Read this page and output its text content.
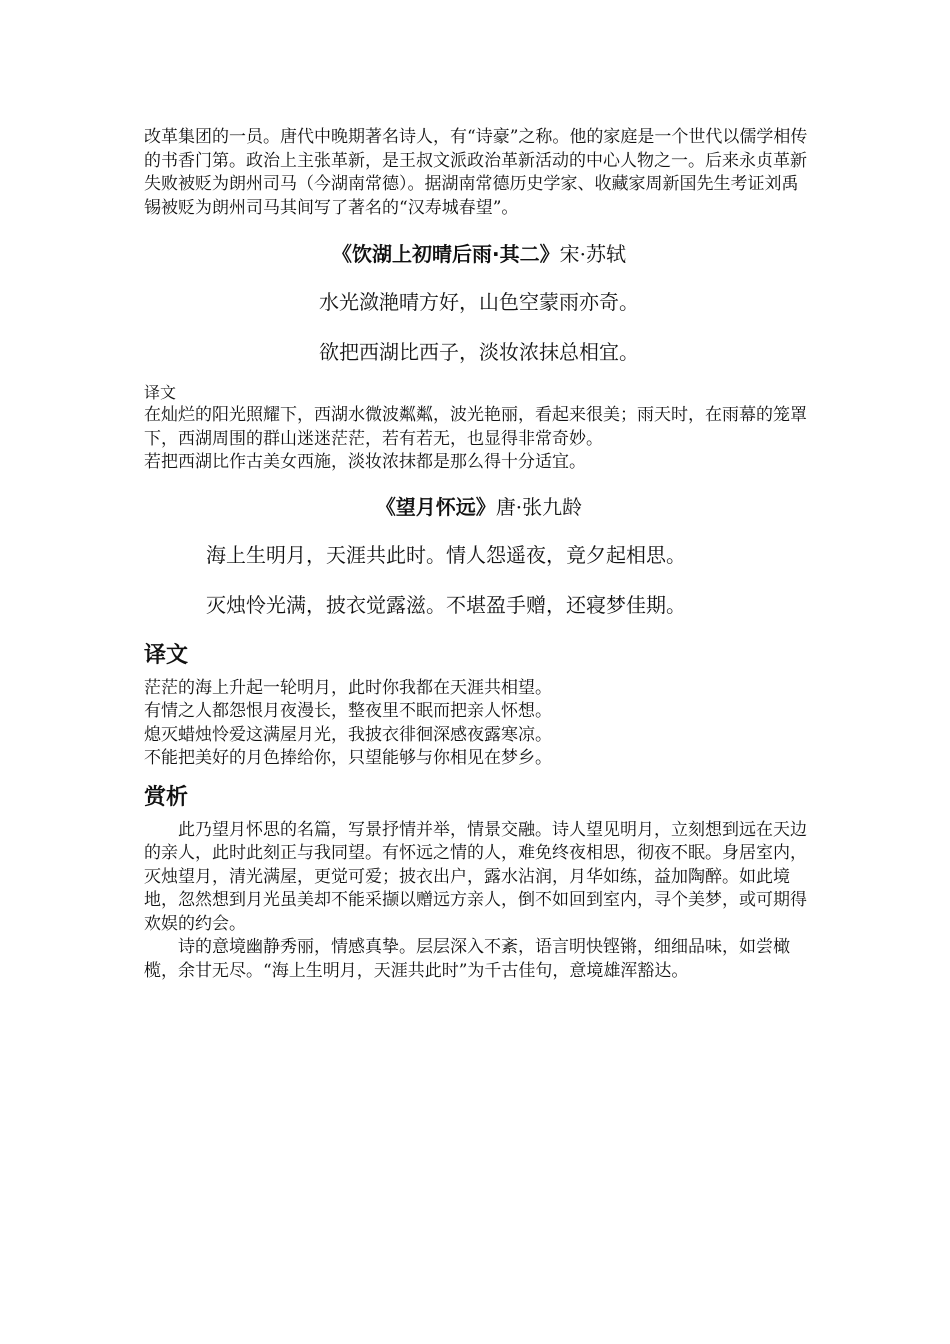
改革集团的一员。唐代中晚期著名诗人，有“诗豪”之称。他的家庭是一个世代以儒学相传的书香门第。政治上主张革新，是王叔文派政治革新活动的中心人物之一。后来永贞革新失败被贬为朗州司马（今湖南常德）。据湖南常德历史学家、收藏家周新国先生考证刘禹锡被贬为朗州司马其间写了著名的“汉寿城春望”。

《饮湖上初晴后雨·其二》宋·苏轼

水光潋滟晴方好，山色空蒙雨亦奇。

欲把西湖比西子，淡妆浓抹总相宜。

译文

在灿烂的阳光照耀下，西湖水微波粼粼，波光艳丽，看起来很美；雨天时，在雨幕的笼罩下，西湖周围的群山迷迷茫茫，若有若无，也显得非常奇妙。

若把西湖比作古美女西施，淡妆浓抹都是那么得十分适宜。

《望月怀远》唐·张九龄

海上生明月，天涯共此时。情人怨遥夜，竟夕起相思。

灭烛怜光满，披衣觉露滋。不堪盈手赠，还寝梦佳期。

译文

茫茫的海上升起一轮明月，此时你我都在天涯共相望。

有情之人都怨恨月夜漫长，整夜里不眠而把亲人怀想。

熄灭蜡烛怜爱这满屋月光，我披衣徘徊深感夜露寒凉。

不能把美好的月色捧给你，只望能够与你相见在梦乡。

赏析

此乃望月怀思的名篇，写景抒情并举，情景交融。诗人望见明月，立刻想到远在天边的亲人，此时此刻正与我同望。有怀远之情的人，难免终夜相思，彻夜不眠。身居室内，灭烛望月，清光满屋，更觉可爱；披衣出户，露水沾润，月华如练，益加陶醉。如此境地，忽然想到月光虽美却不能采撷以赠远方亲人，倒不如回到室内，寻个美梦，或可期得欢娱的约会。

诗的意境幽静秀丽，情感真挚。层层深入不紊，语言明快铿锵，细细品味，如尝橄榄，余甘无尽。“海上生明月，天涯共此时”为千古佳句，意境雄浑豁达。
